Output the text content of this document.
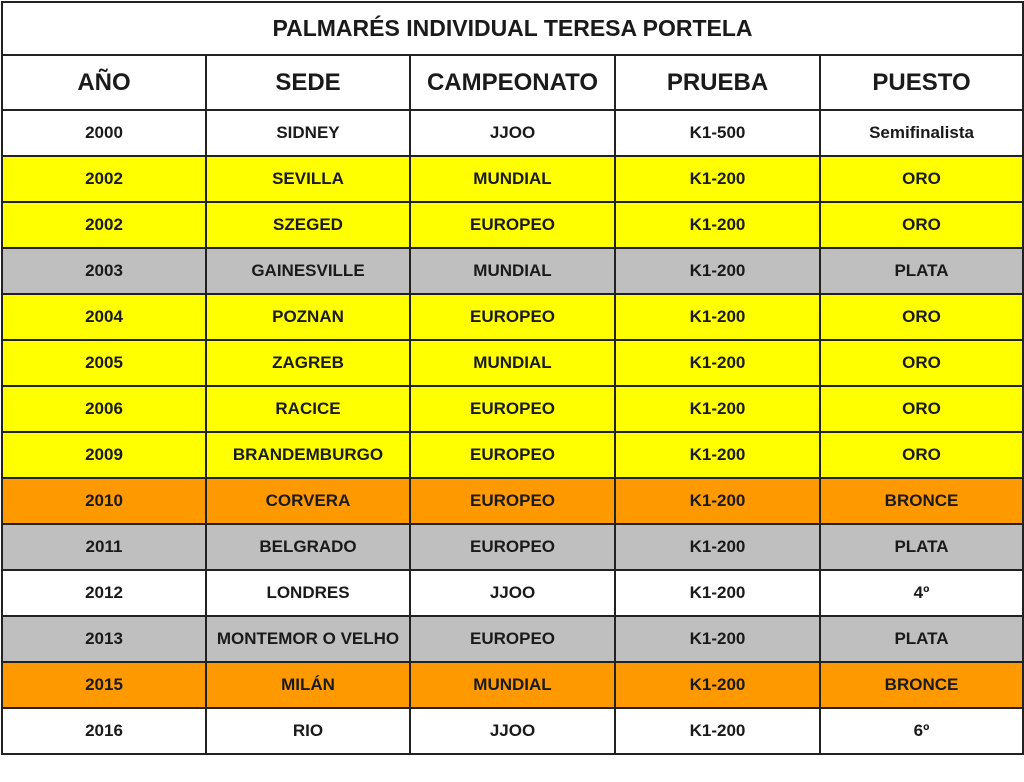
PALMARÉS INDIVIDUAL TERESA PORTELA				
AÑO	SEDE	CAMPEONATO	PRUEBA	PUESTO
2000	SIDNEY	JJOO	K1-500	Semifinalista
2002	SEVILLA	MUNDIAL	K1-200	ORO
2002	SZEGED	EUROPEO	K1-200	ORO
2003	GAINESVILLE	MUNDIAL	K1-200	PLATA
2004	POZNAN	EUROPEO	K1-200	ORO
2005	ZAGREB	MUNDIAL	K1-200	ORO
2006	RACICE	EUROPEO	K1-200	ORO
2009	BRANDEMBURGO	EUROPEO	K1-200	ORO
2010	CORVERA	EUROPEO	K1-200	BRONCE
2011	BELGRADO	EUROPEO	K1-200	PLATA
2012	LONDRES	JJOO	K1-200	4º
2013	MONTEMOR O VELHO	EUROPEO	K1-200	PLATA
2015	MILÁN	MUNDIAL	K1-200	BRONCE
2016	RIO	JJOO	K1-200	6º
